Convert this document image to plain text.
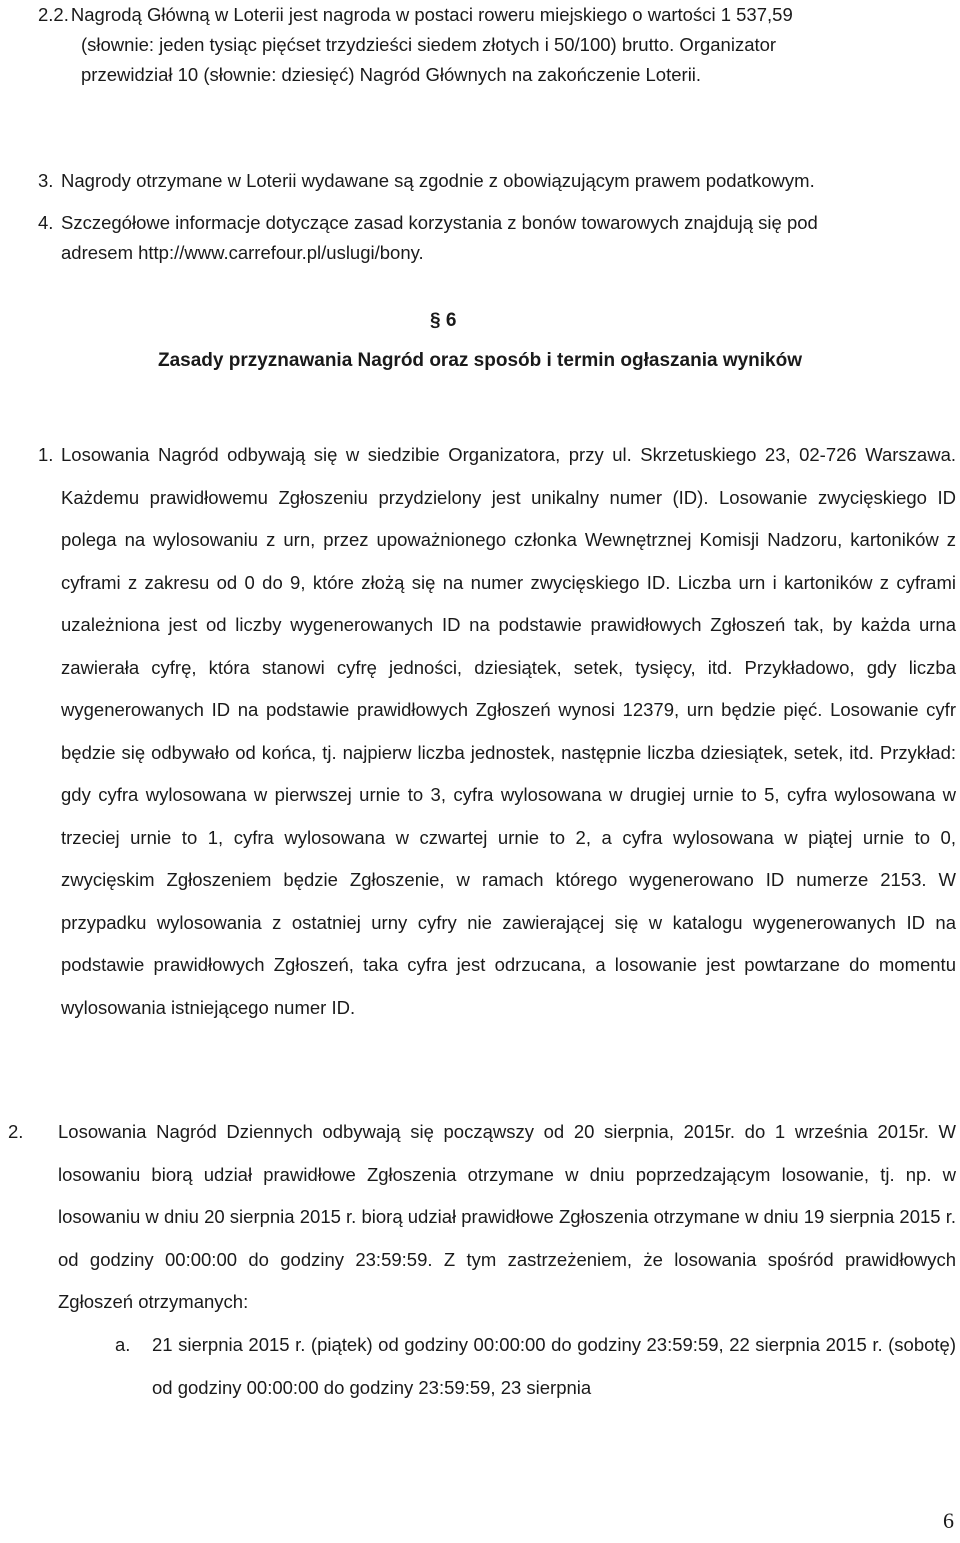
2.2. Nagrodą Główną w Loterii jest nagroda w postaci roweru miejskiego o wartości 1 537,59
(słownie: jeden tysiąc pięćset trzydzieści siedem złotych i 50/100) brutto. Organizator
przewidział 10 (słownie: dziesięć) Nagród Głównych na zakończenie Loterii.
3. Nagrody otrzymane w Loterii wydawane są zgodnie z obowiązującym prawem podatkowym.
4. Szczegółowe informacje dotyczące zasad korzystania z bonów towarowych znajdują się pod
adresem http://www.carrefour.pl/uslugi/bony.
§ 6
Zasady przyznawania Nagród oraz sposób i termin ogłaszania wyników
1. Losowania Nagród odbywają się w siedzibie Organizatora, przy ul. Skrzetuskiego 23, 02-726 Warszawa. Każdemu prawidłowemu Zgłoszeniu przydzielony jest unikalny numer (ID). Losowanie zwycięskiego ID polega na wylosowaniu z urn, przez upoważnionego członka Wewnętrznej Komisji Nadzoru, kartoników z cyframi z zakresu od 0 do 9, które złożą się na numer zwycięskiego ID. Liczba urn i kartoników z cyframi uzależniona jest od liczby wygenerowanych ID na podstawie prawidłowych Zgłoszeń tak, by każda urna zawierała cyfrę, która stanowi cyfrę jedności, dziesiątek, setek, tysięcy, itd. Przykładowo, gdy liczba wygenerowanych ID na podstawie prawidłowych Zgłoszeń wynosi 12379, urn będzie pięć. Losowanie cyfr będzie się odbywało od końca, tj. najpierw liczba jednostek, następnie liczba dziesiątek, setek, itd. Przykład: gdy cyfra wylosowana w pierwszej urnie to 3, cyfra wylosowana w drugiej urnie to 5, cyfra wylosowana w trzeciej urnie to 1, cyfra wylosowana w czwartej urnie to 2, a cyfra wylosowana w piątej urnie to 0, zwycięskim Zgłoszeniem będzie Zgłoszenie, w ramach którego wygenerowano ID numerze 2153. W przypadku wylosowania z ostatniej urny cyfry nie zawierającej się w katalogu wygenerowanych ID na podstawie prawidłowych Zgłoszeń, taka cyfra jest odrzucana, a losowanie jest powtarzane do momentu wylosowania istniejącego numer ID.
2.	Losowania Nagród Dziennych odbywają się począwszy od 20 sierpnia, 2015r. do 1 września 2015r. W losowaniu biorą udział prawidłowe Zgłoszenia otrzymane w dniu poprzedzającym losowanie, tj. np. w losowaniu w dniu 20 sierpnia 2015 r. biorą udział prawidłowe Zgłoszenia otrzymane w dniu 19 sierpnia 2015 r. od godziny 00:00:00 do godziny 23:59:59. Z tym zastrzeżeniem, że losowania spośród prawidłowych Zgłoszeń otrzymanych:
a.	21 sierpnia 2015 r. (piątek) od godziny 00:00:00 do godziny 23:59:59, 22 sierpnia 2015 r. (sobotę) od godziny 00:00:00 do godziny 23:59:59, 23 sierpnia
6
